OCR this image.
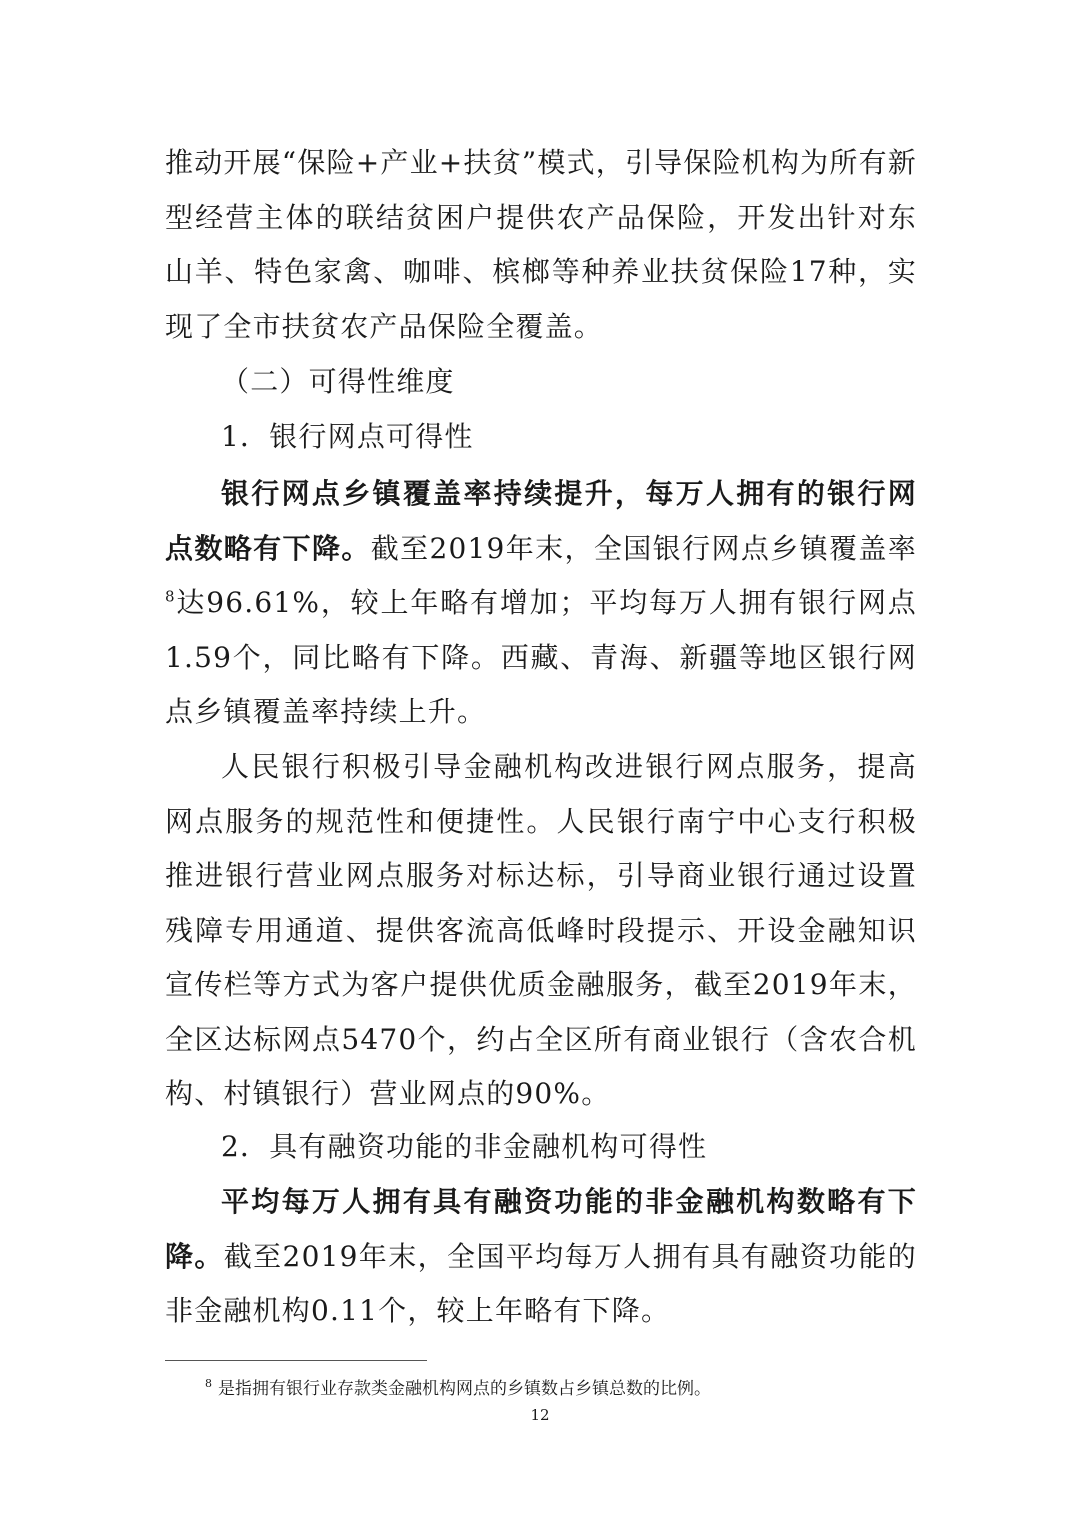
推动开展“保险+产业+扶贫”模式，引导保险机构为所有新型经营主体的联结贫困户提供农产品保险，开发出针对东山羊、特色家禽、咖啡、槟榔等种养业扶贫保险17种，实现了全市扶贫农产品保险全覆盖。

（二）可得性维度

1．银行网点可得性

银行网点乡镇覆盖率持续提升，每万人拥有的银行网点数略有下降。截至2019年末，全国银行网点乡镇覆盖率$^8$达96.61%，较上年略有增加；平均每万人拥有银行网点1.59个，同比略有下降。西藏、青海、新疆等地区银行网点乡镇覆盖率持续上升。

人民银行积极引导金融机构改进银行网点服务，提高网点服务的规范性和便捷性。人民银行南宁中心支行积极推进银行营业网点服务对标达标，引导商业银行通过设置残障专用通道、提供客流高低峰时段提示、开设金融知识宣传栏等方式为客户提供优质金融服务，截至2019年末，全区达标网点5470个，约占全区所有商业银行（含农合机构、村镇银行）营业网点的90%。

2．具有融资功能的非金融机构可得性

平均每万人拥有具有融资功能的非金融机构数略有下降。截至2019年末，全国平均每万人拥有具有融资功能的非金融机构0.11个，较上年略有下降。

$^8$ 是指拥有银行业存款类金融机构网点的乡镇数占乡镇总数的比例。

12
